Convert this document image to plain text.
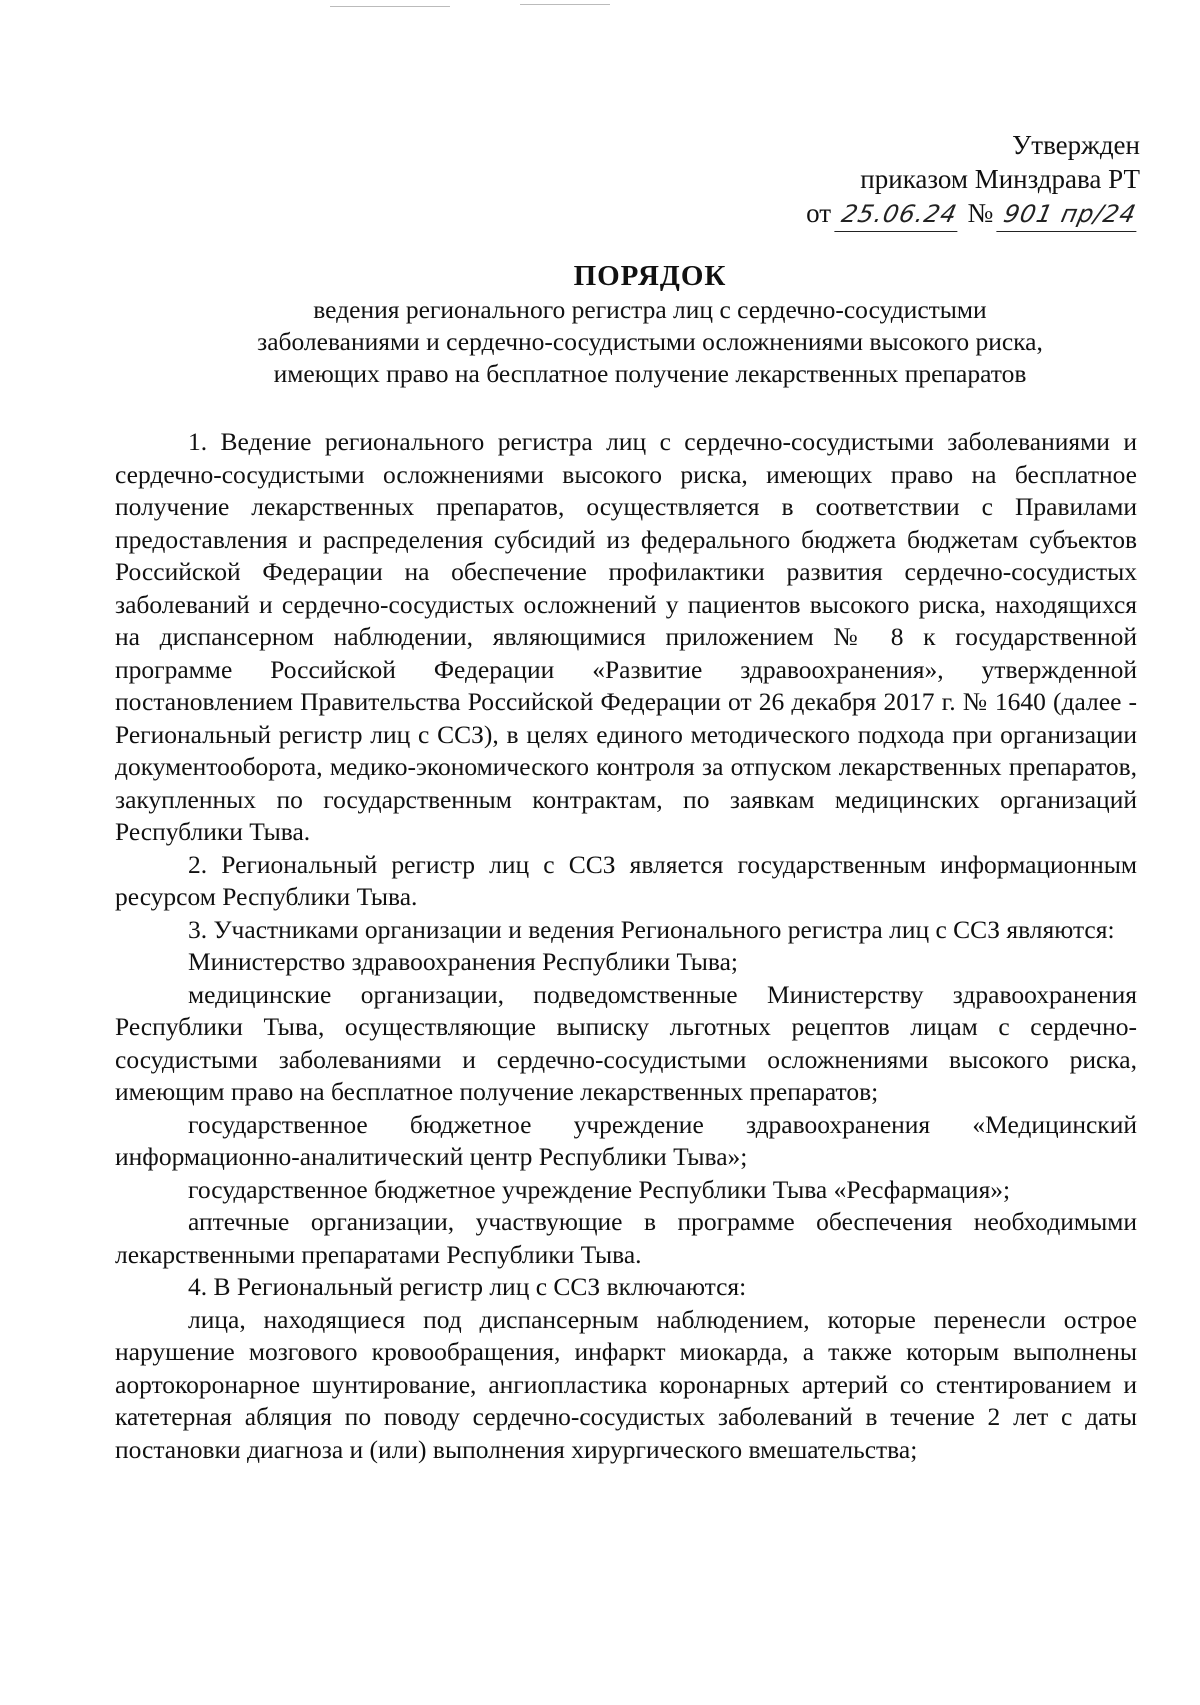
Утвержден
приказом Минздрава РТ
от 25.06.24 № 901 пр/24
ПОРЯДОК
ведения регионального регистра лиц с сердечно-сосудистыми
заболеваниями и сердечно-сосудистыми осложнениями высокого риска,
имеющих право на бесплатное получение лекарственных препаратов

1. Ведение регионального регистра лиц с сердечно-сосудистыми заболеваниями и сердечно-сосудистыми осложнениями высокого риска, имеющих право на бесплатное получение лекарственных препаратов, осуществляется в соответствии с Правилами предоставления и распределения субсидий из федерального бюджета бюджетам субъектов Российской Федерации на обеспечение профилактики развития сердечно-сосудистых заболеваний и сердечно-сосудистых осложнений у пациентов высокого риска, находящихся на диспансерном наблюдении, являющимися приложением № 8 к государственной программе Российской Федерации «Развитие здравоохранения», утвержденной постановлением Правительства Российской Федерации от 26 декабря 2017 г. № 1640 (далее - Региональный регистр лиц с ССЗ), в целях единого методического подхода при организации документооборота, медико-экономического контроля за отпуском лекарственных препаратов, закупленных по государственным контрактам, по заявкам медицинских организаций Республики Тыва.

2. Региональный регистр лиц с ССЗ является государственным информационным ресурсом Республики Тыва.

3. Участниками организации и ведения Регионального регистра лиц с ССЗ являются:

Министерство здравоохранения Республики Тыва;

медицинские организации, подведомственные Министерству здравоохранения Республики Тыва, осуществляющие выписку льготных рецептов лицам с сердечно-сосудистыми заболеваниями и сердечно-сосудистыми осложнениями высокого риска, имеющим право на бесплатное получение лекарственных препаратов;

государственное бюджетное учреждение здравоохранения «Медицинский информационно-аналитический центр Республики Тыва»;

государственное бюджетное учреждение Республики Тыва «Ресфармация»;

аптечные организации, участвующие в программе обеспечения необходимыми лекарственными препаратами Республики Тыва.

4. В Региональный регистр лиц с ССЗ включаются:

лица, находящиеся под диспансерным наблюдением, которые перенесли острое нарушение мозгового кровообращения, инфаркт миокарда, а также которым выполнены аортокоронарное шунтирование, ангиопластика коронарных артерий со стентированием и катетерная абляция по поводу сердечно-сосудистых заболеваний в течение 2 лет с даты постановки диагноза и (или) выполнения хирургического вмешательства;
